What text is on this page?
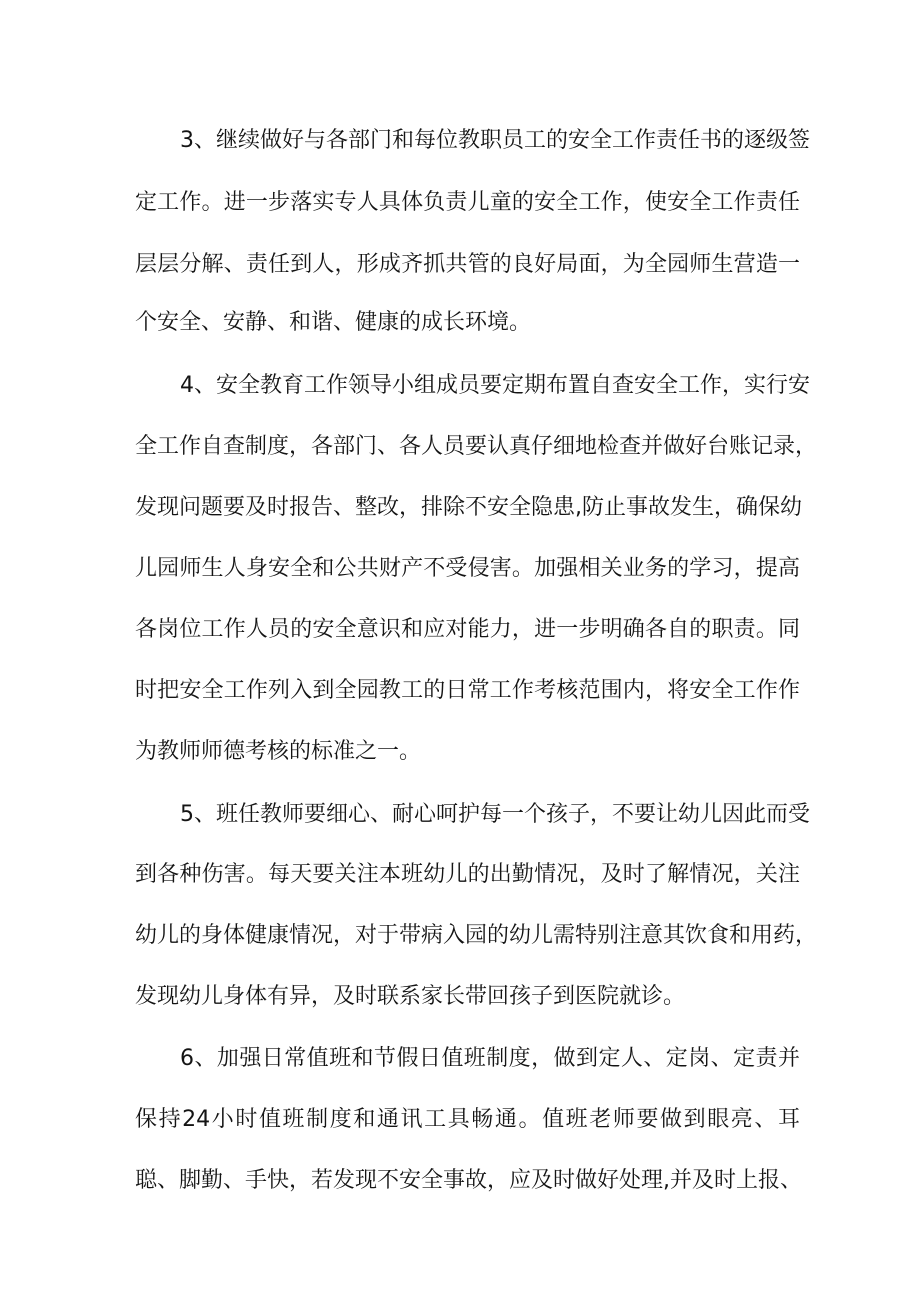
3、继续做好与各部门和每位教职员工的安全工作责任书的逐级签
定工作。进一步落实专人具体负责儿童的安全工作，使安全工作责任
层层分解、责任到人，形成齐抓共管的良好局面，为全园师生营造一
个安全、安静、和谐、健康的成长环境。
4、安全教育工作领导小组成员要定期布置自查安全工作，实行安
全工作自查制度，各部门、各人员要认真仔细地检查并做好台账记录，
发现问题要及时报告、整改，排除不安全隐患,防止事故发生，确保幼
儿园师生人身安全和公共财产不受侵害。加强相关业务的学习，提高
各岗位工作人员的安全意识和应对能力，进一步明确各自的职责。同
时把安全工作列入到全园教工的日常工作考核范围内，将安全工作作
为教师师德考核的标准之一。
5、班任教师要细心、耐心呵护每一个孩子，不要让幼儿因此而受
到各种伤害。每天要关注本班幼儿的出勤情况，及时了解情况，关注
幼儿的身体健康情况，对于带病入园的幼儿需特别注意其饮食和用药，
发现幼儿身体有异，及时联系家长带回孩子到医院就诊。
6、加强日常值班和节假日值班制度，做到定人、定岗、定责并
保持24小时值班制度和通讯工具畅通。值班老师要做到眼亮、耳
聪、脚勤、手快，若发现不安全事故，应及时做好处理,并及时上报、
